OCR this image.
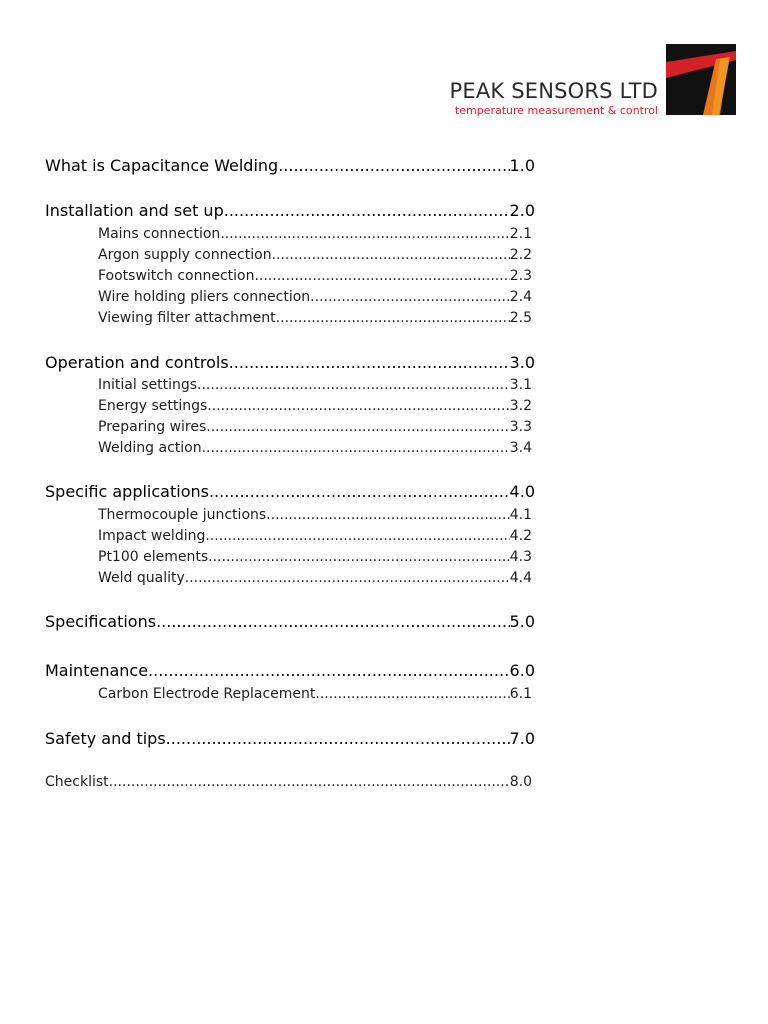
PEAK SENSORS LTD
temperature measurement & control
What is Capacitance Welding .....	1.0
Installation and set up .....	2.0
Mains connection .....	2.1
Argon supply connection .....	2.2
Footswitch connection .....	2.3
Wire holding pliers connection .....	2.4
Viewing filter attachment .....	2.5
Operation and controls .....	3.0
Initial settings .....	3.1
Energy settings .....	3.2
Preparing wires .....	3.3
Welding action .....	3.4
Specific applications .....	4.0
Thermocouple junctions .....	4.1
Impact welding .....	4.2
Pt100 elements .....	4.3
Weld quality .....	4.4
Specifications .....	5.0
Maintenance .....	6.0
Carbon Electrode Replacement .....	6.1
Safety and tips .....	7.0
Checklist .....	8.0
